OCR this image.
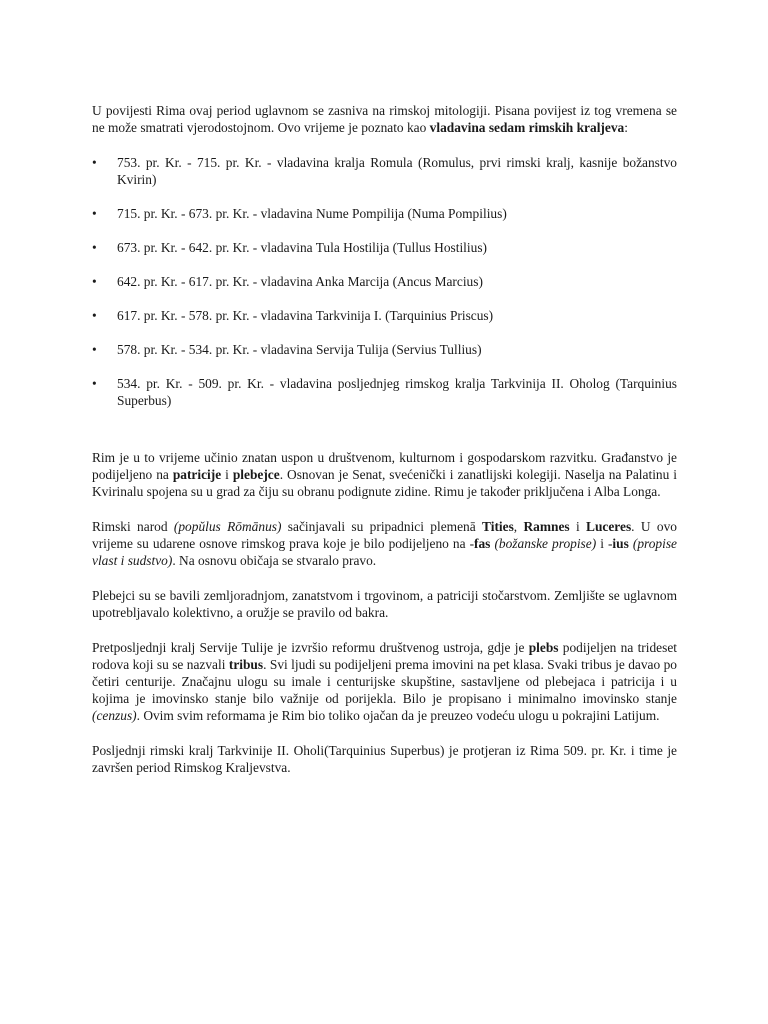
U povijesti Rima ovaj period uglavnom se zasniva na rimskoj mitologiji. Pisana povijest iz tog vremena se ne može smatrati vjerodostojnom. Ovo vrijeme je poznato kao vladavina sedam rimskih kraljeva:

• 753. pr. Kr. - 715. pr. Kr. - vladavina kralja Romula (Romulus, prvi rimski kralj, kasnije božanstvo Kvirin)
• 715. pr. Kr. - 673. pr. Kr. - vladavina Nume Pompilija (Numa Pompilius)
• 673. pr. Kr. - 642. pr. Kr. - vladavina Tula Hostilija (Tullus Hostilius)
• 642. pr. Kr. - 617. pr. Kr. - vladavina Anka Marcija (Ancus Marcius)
• 617. pr. Kr. - 578. pr. Kr. - vladavina Tarkvinija I. (Tarquinius Priscus)
• 578. pr. Kr. - 534. pr. Kr. - vladavina Servija Tulija (Servius Tullius)
• 534. pr. Kr. - 509. pr. Kr. - vladavina posljednjeg rimskog kralja Tarkvinija II. Oholog (Tarquinius Superbus)

Rim je u to vrijeme učinio znatan uspon u društvenom, kulturnom i gospodarskom razvitku. Građanstvo je podijeljeno na patricije i plebejce. Osnovan je Senat, svećenički i zanatlijski kolegiji. Naselja na Palatinu i Kvirinalu spojena su u grad za čiju su obranu podignute zidine. Rimu je također priključena i Alba Longa.

Rimski narod (popŭlus Rōmānus) sačinjavali su pripadnici plemenā Tities, Ramnes i Luceres. U ovo vrijeme su udarene osnove rimskog prava koje je bilo podijeljeno na -fas (božanske propise) i -ius (propise vlast i sudstvo). Na osnovu običaja se stvaralo pravo.

Plebejci su se bavili zemljoradnjom, zanatstvom i trgovinom, a patriciji stočarstvom. Zemljište se uglavnom upotrebljavalo kolektivno, a oružje se pravilo od bakra.

Pretposljednji kralj Servije Tulije je izvršio reformu društvenog ustroja, gdje je plebs podijeljen na trideset rodova koji su se nazvali tribus. Svi ljudi su podijeljeni prema imovini na pet klasa. Svaki tribus je davao po četiri centurije. Značajnu ulogu su imale i centurijske skupštine, sastavljene od plebejaca i patricija i u kojima je imovinsko stanje bilo važnije od porijekla. Bilo je propisano i minimalno imovinsko stanje (cenzus). Ovim svim reformama je Rim bio toliko ojačan da je preuzeo vodeću ulogu u pokrajini Latijum.

Posljednji rimski kralj Tarkvinije II. Oholi(Tarquinius Superbus) je protjeran iz Rima 509. pr. Kr. i time je završen period Rimskog Kraljevstva.
